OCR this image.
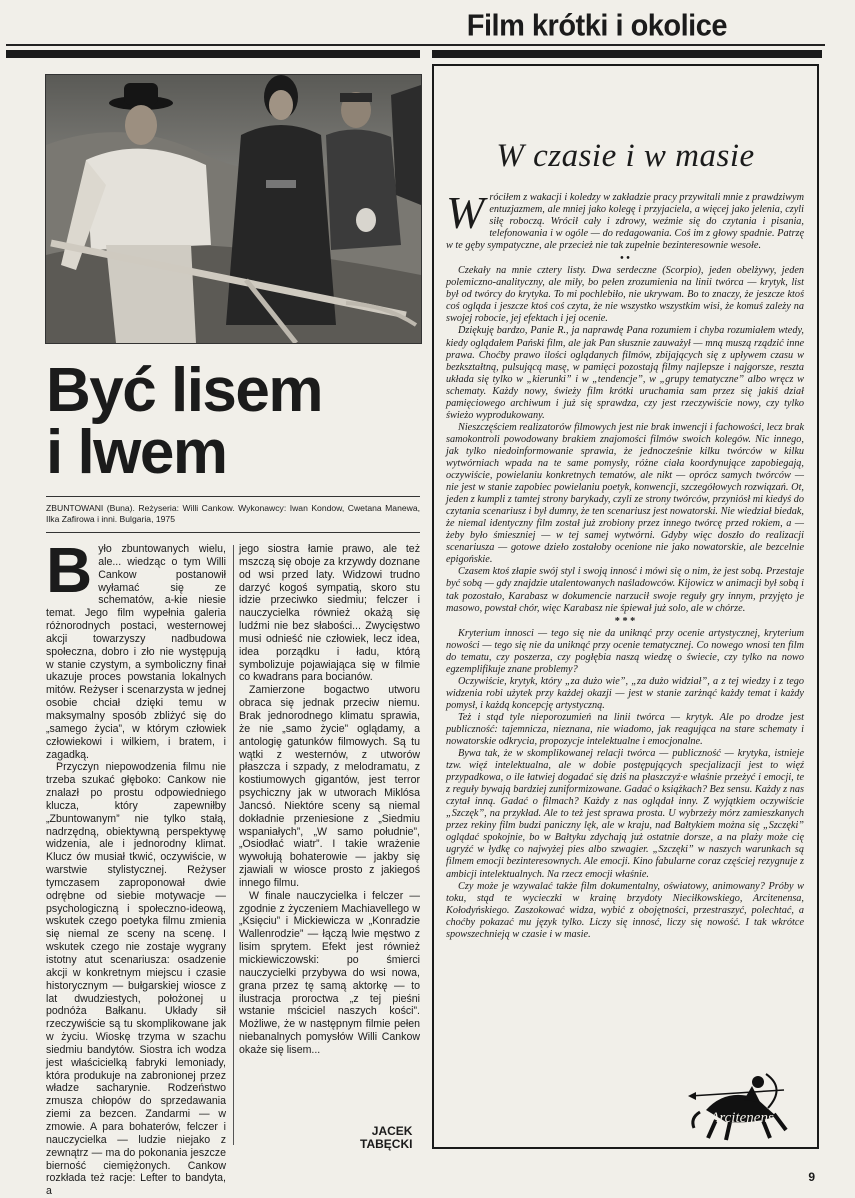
Film krótki i okolice
Być lisem
i lwem
ZBUNTOWANI (Buna). Reżyseria: Willi Cankow. Wykonawcy: Iwan Kondow, Cwetana Manewa, Ilka Zafirowa i inni. Bulgaria, 1975

Było zbuntowanych wielu, ale... wiedząc o tym Willi Cankow postanowił wyłamać się ze schematów, a-kie niesie temat. Jego film wypełnia galeria różnorodnych postaci, westernowej akcji towarzyszy nadbudowa społeczna, dobro i zło nie występują w stanie czystym, a symboliczny finał ukazuje proces powstania lokalnych mitów. Reżyser i scenarzysta w jednej osobie chciał dzięki temu w maksymalny sposób zbliżyć się do „samego życia”, w którym człowiek człowiekowi i wilkiem, i bratem, i zagadką.

Przyczyn niepowodzenia filmu nie trzeba szukać głęboko: Cankow nie znalazł po prostu odpowiedniego klucza, który zapewniłby „Zbuntowanym” nie tylko stałą, nadrzędną, obiektywną perspektywę widzenia, ale i jednorodny klimat. Klucz ów musiał tkwić, oczywiście, w warstwie stylistycznej. Reżyser tymczasem zaproponował dwie odrębne od siebie motywacje — psychologiczną i społeczno-ideową, wskutek czego poetyka filmu zmienia się niemal ze sceny na scenę. I wskutek czego nie zostaje wygrany istotny atut scenariusza: osadzenie akcji w konkretnym miejscu i czasie historycznym — bułgarskiej wiosce z lat dwudziestych, położonej u podnóża Bałkanu. Układy sił rzeczywiście są tu skomplikowane jak w życiu. Wioskę trzyma w szachu siedmiu bandytów. Siostra ich wodza jest właścicielką fabryki lemoniady, która produkuje na zabronionej przez władze sacharynie. Rodzeństwo zmusza chłopów do sprzedawania ziemi za bezcen. Zandarmi — w zmowie. A para bohaterów, felczer i nauczycielka — ludzie niejako z zewnątrz — ma do pokonania jeszcze bierność ciemiężonych. Cankow rozkłada też racje: Lefter to bandyta, a

jego siostra łamie prawo, ale też mszczą się oboje za krzywdy doznane od wsi przed laty. Widzowi trudno darzyć kogoś sympatią, skoro stu idzie przeciwko siedmiu; felczer i nauczycielka również okażą się ludźmi nie bez słabości... Zwycięstwo musi odnieść nie człowiek, lecz idea, idea porządku i ładu, którą symbolizuje pojawiająca się w filmie co kwadrans para bocianów.

Zamierzone bogactwo utworu obraca się jednak przeciw niemu. Brak jednorodnego klimatu sprawia, że nie „samo życie” oglądamy, a antologię gatunków filmowych. Są tu wątki z westernów, z utworów płaszcza i szpady, z melodramatu, z kostiumowych gigantów, jest terror psychiczny jak w utworach Miklósa Jancsó. Niektóre sceny są niemal dokładnie przeniesione z „Siedmiu wspaniałych”, „W samo południe”, „Osiodłać wiatr”. I takie wrażenie wywołują bohaterowie — jakby się zjawiali w wiosce prosto z jakiegoś innego filmu.

W finale nauczycielka i felczer — zgodnie z życzeniem Machiavellego w „Księciu” i Mickiewicza w „Konradzie Wallenrodzie” — łączą lwie męstwo z lisim sprytem. Efekt jest również mickiewiczowski: po śmierci nauczycielki przybywa do wsi nowa, grana przez tę samą aktorkę — to ilustracja proroctwa „z tej pieśni wstanie mściciel naszych kości”. Możliwe, że w następnym filmie pełen niebanalnych pomysłów Willi Cankow okaże się lisem...

JACEK
TABĘCKI
W czasie i w masie

Wróciłem z wakacji i koledzy w zakładzie pracy przywitali mnie z prawdziwym entuzjazmem, ale mniej jako kolegę i przyjaciela, a więcej jako jelenia, czyli siłę roboczą. Wrócił cały i zdrowy, weźmie się do czytania i pisania, telefonowania i w ogóle — do redagowania. Coś im z głowy spadnie. Patrzę w te gęby sympatyczne, ale przecież nie tak zupełnie bezinteresownie wesołe.

• •

Czekały na mnie cztery listy. Dwa serdeczne (Scorpio), jeden obelżywy, jeden polemiczno-analityczny, ale miły, bo pełen zrozumienia na linii twórca — krytyk, list był od twórcy do krytyka. To mi pochlebiło, nie ukrywam. Bo to znaczy, że jeszcze ktoś coś ogląda i jeszcze ktoś coś czyta, że nie wszystko wszystkim wisi, że komuś zależy na swojej robocie, jej efektach i jej ocenie.

Dziękuję bardzo, Panie R., ja naprawdę Pana rozumiem i chyba rozumiałem wtedy, kiedy oglądałem Pański film, ale jak Pan słusznie zauważył — mną muszą rządzić inne prawa. Choćby prawo ilości oglądanych filmów, zbijających się z upływem czasu w bezkształtną, pulsującą masę, w pamięci pozostają filmy najlepsze i najgorsze, reszta układa się tylko w „kierunki” i w „tendencje”, w „grupy tematyczne” albo wręcz w schematy. Każdy nowy, świeży film krótki uruchamia sam przez się jakiś dział pamięciowego archiwum i już się sprawdza, czy jest rzeczywiście nowy, czy tylko świeżo wyprodukowany.

Nieszczęściem realizatorów filmowych jest nie brak inwencji i fachowości, lecz brak samokontroli powodowany brakiem znajomości filmów swoich kolegów. Nic innego, jak tylko niedoinformowanie sprawia, że jednocześnie kilku twórców w kilku wytwórniach wpada na te same pomysły, różne ciała koordynujące zapobiegają, oczywiście, powielaniu konkretnych tematów, ale nikt — oprócz samych twórców — nie jest w stanie zapobiec powielaniu poetyk, konwencji, szczegółowych rozwiązań. Ot, jeden z kumpli z tamtej strony barykady, czyli ze strony twórców, przyniósł mi kiedyś do czytania scenariusz i był dumny, że ten scenariusz jest nowatorski. Nie wiedział biedak, że niemal identyczny film został już zrobiony przez innego twórcę przed rokiem, a — żeby było śmieszniej — w tej samej wytwórni. Gdyby więc doszło do realizacji scenariusza — gotowe dzieło zostałoby ocenione nie jako nowatorskie, ale bezcelnie epigońskie.

Czasem ktoś złapie swój styl i swoją innosć i mówi się o nim, że jest sobą. Przestaje być sobą — gdy znajdzie utalentowanych naśladowców. Kijowicz w animacji był sobą i tak pozostało, Karabasz w dokumencie narzucił swoje reguły gry innym, przyjęto je masowo, powstał chór, więc Karabasz nie śpiewał już solo, ale w chórze.

* * *

Kryterium innosci — tego się nie da uniknąć przy ocenie artystycznej, kryterium nowości — tego się nie da uniknąć przy ocenie tematycznej. Co nowego wnosi ten film do tematu, czy poszerza, czy pogłębia naszą wiedzę o świecie, czy tylko na nowo egzemplifikuje znane problemy?

Oczywiście, krytyk, który „za dużo wie”, „za dużo widział”, a z tej wiedzy i z tego widzenia robi użytek przy każdej okazji — jest w stanie zarżnąć każdy temat i każdy pomysł, i każdą koncepcję artystyczną.

Też i stąd tyle nieporozumień na linii twórca — krytyk. Ale po drodze jest publiczność: tajemnicza, nieznana, nie wiadomo, jak reagująca na stare schematy i nowatorskie odkrycia, propozycje intelektualne i emocjonalne.

Bywa tak, że w skomplikowanej relacji twórca — publiczność — krytyka, istnieje tzw. więź intelektualna, ale w dobie postępujących specjalizacji jest to więź przypadkowa, o ile łatwiej dogadać się dziś na płaszczyź·e właśnie przeżyć i emocji, te z reguły bywają bardziej zuniformizowane. Gadać o książkach? Bez sensu. Każdy z nas czytał inną. Gadać o filmach? Każdy z nas oglądał inny. Z wyjątkiem oczywiście „Szczęk”, na przykład. Ale to też jest sprawa prosta. U wybrzeży mórz zamieszkanych przez rekiny film budzi paniczny lęk, ale w kraju, nad Bałtykiem można się „Szczęki” oglądać spokojnie, bo w Bałtyku zdychają już ostatnie dorsze, a na plaży może cię ugryźć w łydkę co najwyżej pies albo szwagier. „Szczęki” w naszych warunkach są filmem emocji bezinteresownych. Ale emocji. Kino fabularne coraz częściej rezygnuje z ambicji intelektualnych. Na rzecz emocji właśnie.

Czy może je wzywalać także film dokumentalny, oświatowy, animowany? Próby w toku, stąd te wycieczki w krainę brzydoty Nieciłkowskiego, Arcitenensa, Kołodyńskiego. Zaszokować widza, wybić z obojętności, przestraszyć, polechtać, a choćby pokazać mu język tylko. Liczy się innosć, liczy się nowość. I tak wkrótce spowszechnieją w czasie i w masie.

Arcitenens
9
